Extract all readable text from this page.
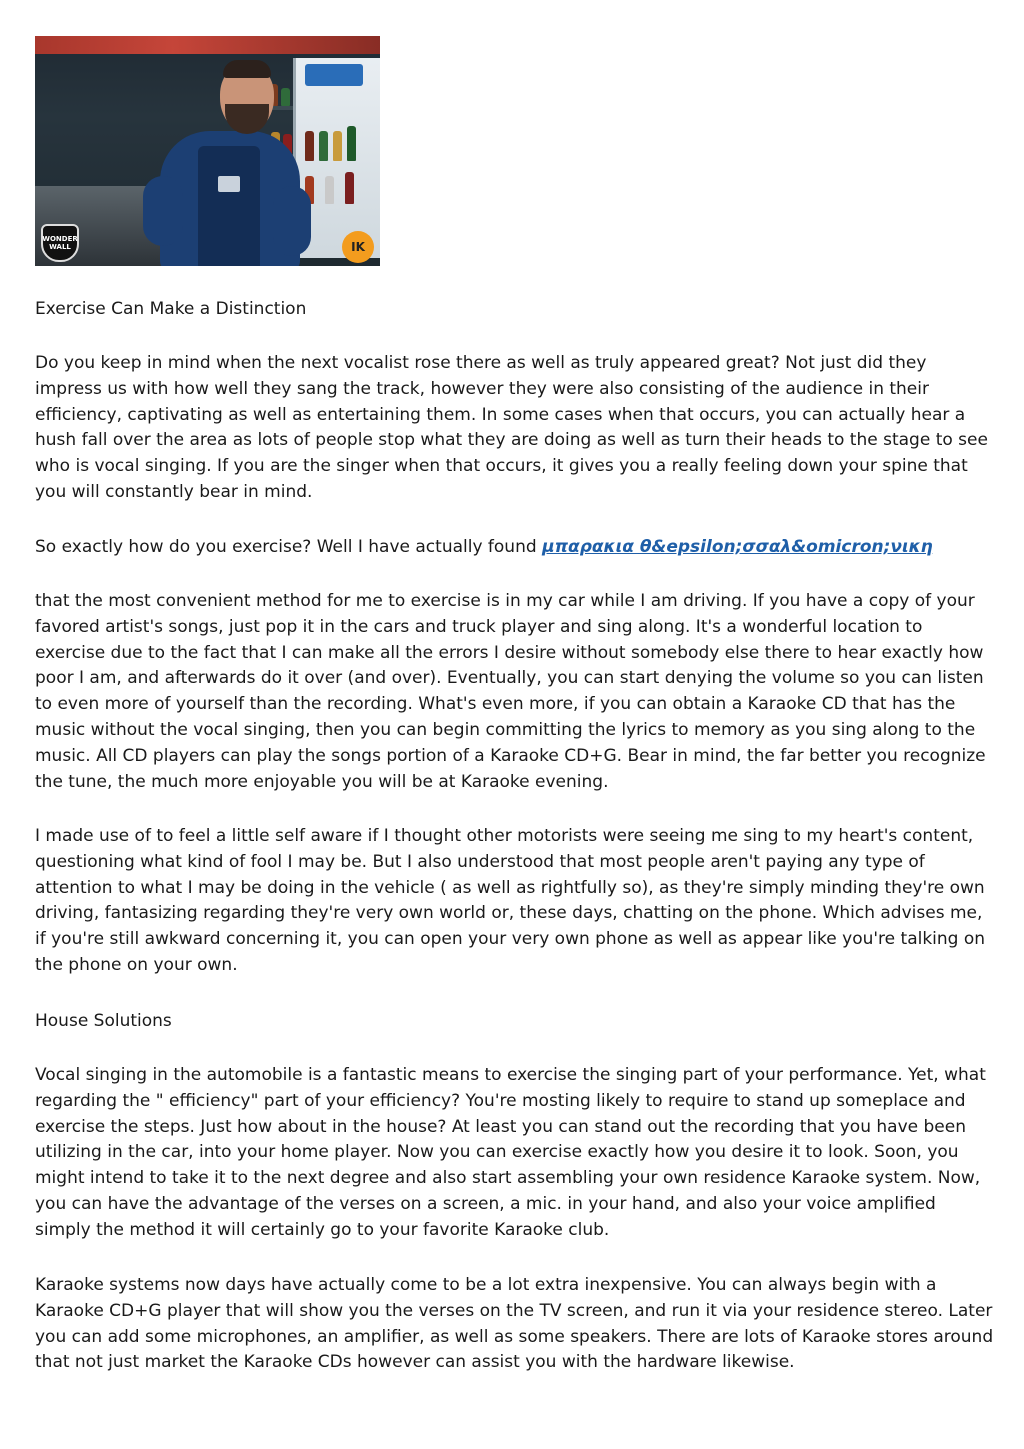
WONDER WALL	IK
Exercise Can Make a Distinction

Do you keep in mind when the next vocalist rose there as well as truly appeared great? Not just did they impress us with how well they sang the track, however they were also consisting of the audience in their efficiency, captivating as well as entertaining them. In some cases when that occurs, you can actually hear a hush fall over the area as lots of people stop what they are doing as well as turn their heads to the stage to see who is vocal singing. If you are the singer when that occurs, it gives you a really feeling down your spine that you will constantly bear in mind.

So exactly how do you exercise? Well I have actually found μπαρακια θ&epsilon;σσαλ&omicron;νικη

that the most convenient method for me to exercise is in my car while I am driving. If you have a copy of your favored artist's songs, just pop it in the cars and truck player and sing along. It's a wonderful location to exercise due to the fact that I can make all the errors I desire without somebody else there to hear exactly how poor I am, and afterwards do it over (and over). Eventually, you can start denying the volume so you can listen to even more of yourself than the recording. What's even more, if you can obtain a Karaoke CD that has the music without the vocal singing, then you can begin committing the lyrics to memory as you sing along to the music. All CD players can play the songs portion of a Karaoke CD+G. Bear in mind, the far better you recognize the tune, the much more enjoyable you will be at Karaoke evening.

I made use of to feel a little self aware if I thought other motorists were seeing me sing to my heart's content, questioning what kind of fool I may be. But I also understood that most people aren't paying any type of attention to what I may be doing in the vehicle ( as well as rightfully so), as they're simply minding they're own driving, fantasizing regarding they're very own world or, these days, chatting on the phone. Which advises me, if you're still awkward concerning it, you can open your very own phone as well as appear like you're talking on the phone on your own.

House Solutions

Vocal singing in the automobile is a fantastic means to exercise the singing part of your performance. Yet, what regarding the " efficiency" part of your efficiency? You're mosting likely to require to stand up someplace and exercise the steps. Just how about in the house? At least you can stand out the recording that you have been utilizing in the car, into your home player. Now you can exercise exactly how you desire it to look. Soon, you might intend to take it to the next degree and also start assembling your own residence Karaoke system. Now, you can have the advantage of the verses on a screen, a mic. in your hand, and also your voice amplified simply the method it will certainly go to your favorite Karaoke club.

Karaoke systems now days have actually come to be a lot extra inexpensive. You can always begin with a Karaoke CD+G player that will show you the verses on the TV screen, and run it via your residence stereo. Later you can add some microphones, an amplifier, as well as some speakers. There are lots of Karaoke stores around that not just market the Karaoke CDs however can assist you with the hardware likewise.
